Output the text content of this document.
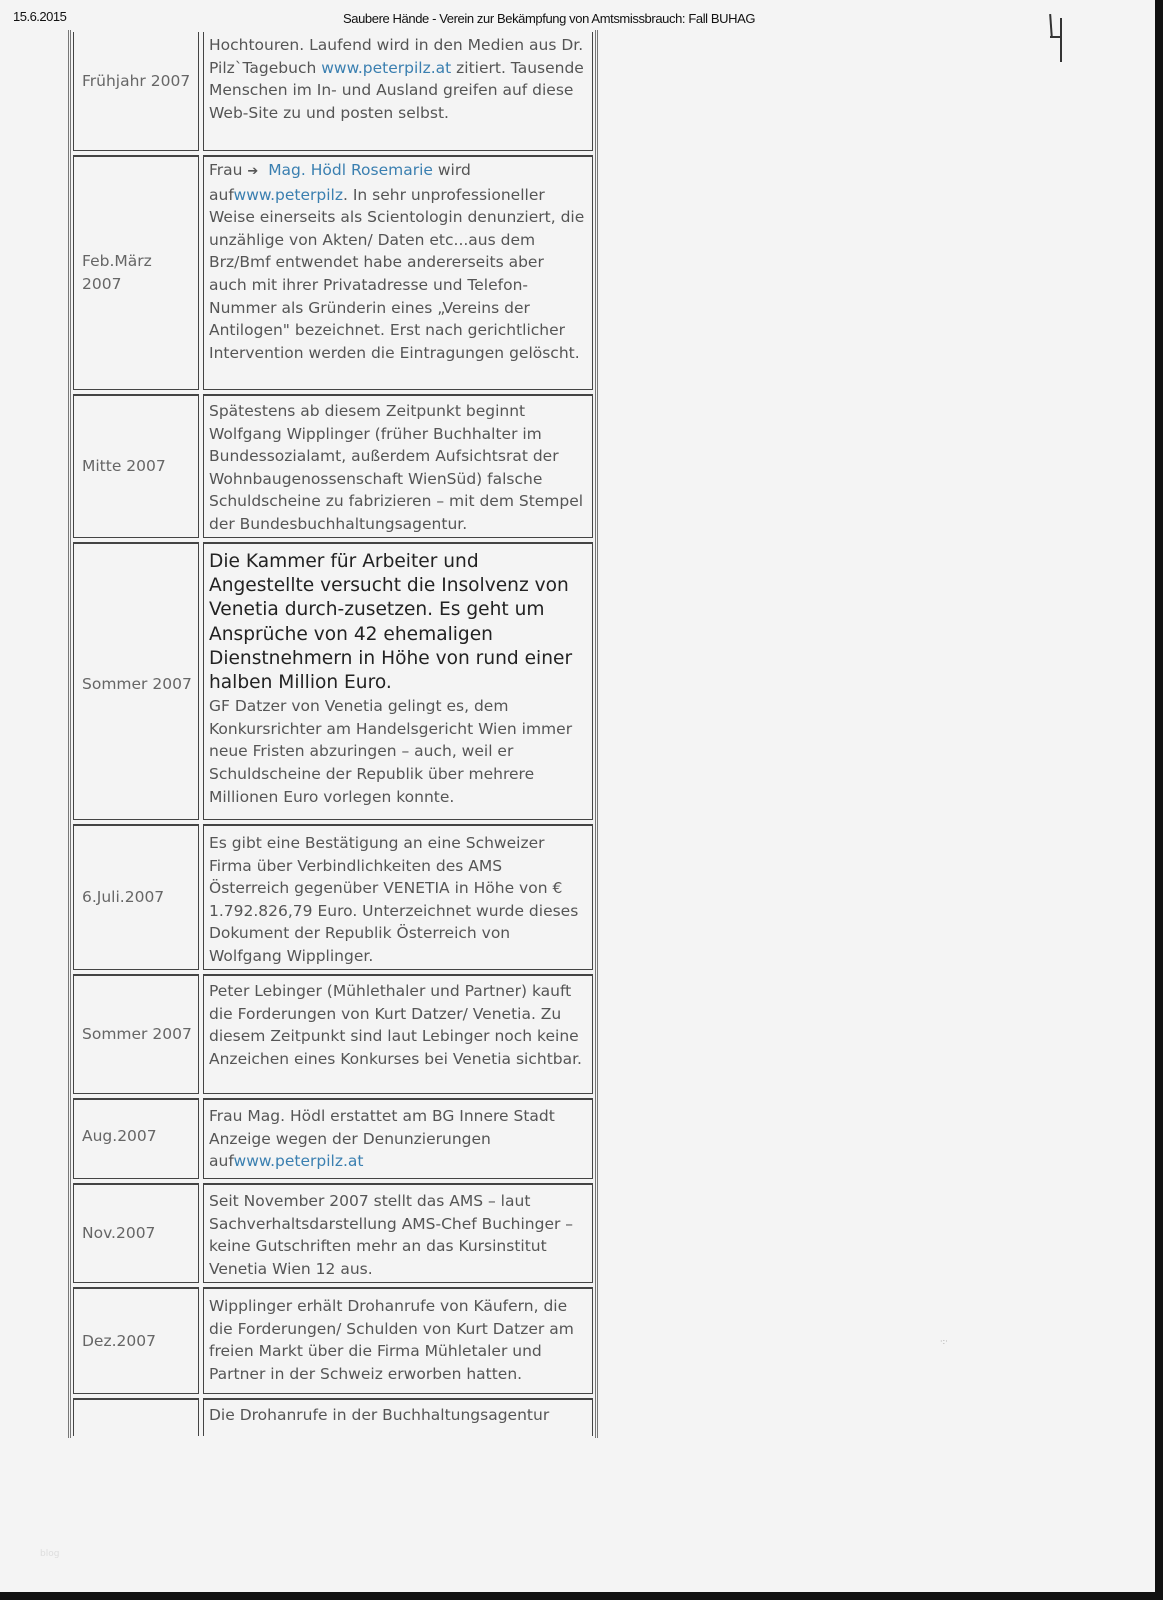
15.6.2015	Saubere Hände - Verein zur Bekämpfung von Amtsmissbrauch: Fall BUHAG
·:·
blog
Frühjahr 2007
Hochtouren. Laufend wird in den Medien aus Dr. Pilz`Tagebuch www.peterpilz.at zitiert. Tausende Menschen im In- und Ausland greifen auf diese Web-Site zu und posten selbst.
Feb.März 2007
Frau ➔ Mag. Hödl Rosemarie wird aufwww.peterpilz. In sehr unprofessioneller Weise einerseits als Scientologin denunziert, die unzählige von Akten/ Daten etc...aus dem Brz/Bmf entwendet habe andererseits aber auch mit ihrer Privatadresse und Telefon-Nummer als Gründerin eines „Vereins der Antilogen" bezeichnet. Erst nach gerichtlicher Intervention werden die Eintragungen gelöscht.
Mitte 2007
Spätestens ab diesem Zeitpunkt beginnt Wolfgang Wipplinger (früher Buchhalter im Bundessozialamt, außerdem Aufsichtsrat der Wohnbaugenossenschaft WienSüd) falsche Schuldscheine zu fabrizieren – mit dem Stempel der Bundesbuchhaltungsagentur.
Sommer 2007
Die Kammer für Arbeiter und Angestellte versucht die Insolvenz von Venetia durch-zusetzen. Es geht um Ansprüche von 42 ehemaligen Dienstnehmern in Höhe von rund einer halben Million Euro.
GF Datzer von Venetia gelingt es, dem Konkursrichter am Handelsgericht Wien immer neue Fristen abzuringen – auch, weil er Schuldscheine der Republik über mehrere Millionen Euro vorlegen konnte.
6.Juli.2007
Es gibt eine Bestätigung an eine Schweizer Firma über Verbindlichkeiten des AMS Österreich gegenüber VENETIA in Höhe von € 1.792.826,79 Euro. Unterzeichnet wurde dieses Dokument der Republik Österreich von Wolfgang Wipplinger.
Sommer 2007
Peter Lebinger (Mühlethaler und Partner) kauft die Forderungen von Kurt Datzer/ Venetia. Zu diesem Zeitpunkt sind laut Lebinger noch keine Anzeichen eines Konkurses bei Venetia sichtbar.
Aug.2007
Frau Mag. Hödl erstattet am BG Innere Stadt Anzeige wegen der Denunzierungen aufwww.peterpilz.at
Nov.2007
Seit November 2007 stellt das AMS – laut Sachverhaltsdarstellung AMS-Chef Buchinger – keine Gutschriften mehr an das Kursinstitut Venetia Wien 12 aus.
Dez.2007
Wipplinger erhält Drohanrufe von Käufern, die die Forderungen/ Schulden von Kurt Datzer am freien Markt über die Firma Mühletaler und Partner in der Schweiz erworben hatten.
Die Drohanrufe in der Buchhaltungsagentur
